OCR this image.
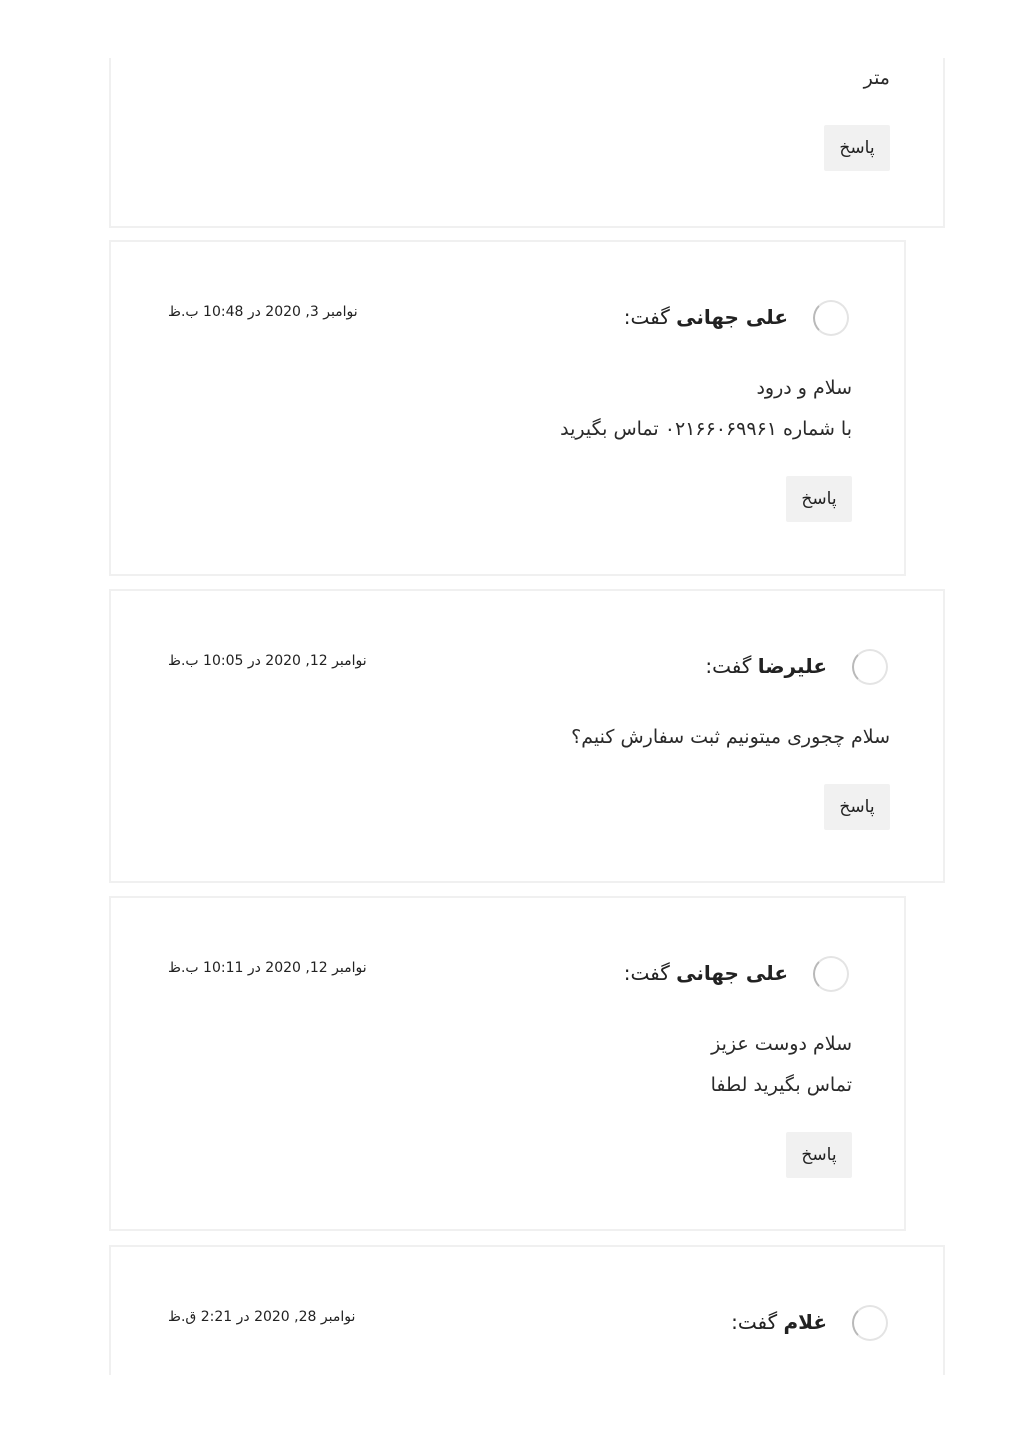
متر
پاسخ
علی جهانی گفت:
نوامبر 3, 2020 در 10:48 ب.ظ
سلام و درود
با شماره ۰۲۱۶۶۰۶۹۹۶۱ تماس بگیرید
پاسخ
علیرضا گفت:
نوامبر 12, 2020 در 10:05 ب.ظ
سلام چجوری میتونیم ثبت سفارش کنیم؟
پاسخ
علی جهانی گفت:
نوامبر 12, 2020 در 10:11 ب.ظ
سلام دوست عزیز
تماس بگیرید لطفا
پاسخ
غلام گفت:
نوامبر 28, 2020 در 2:21 ق.ظ
